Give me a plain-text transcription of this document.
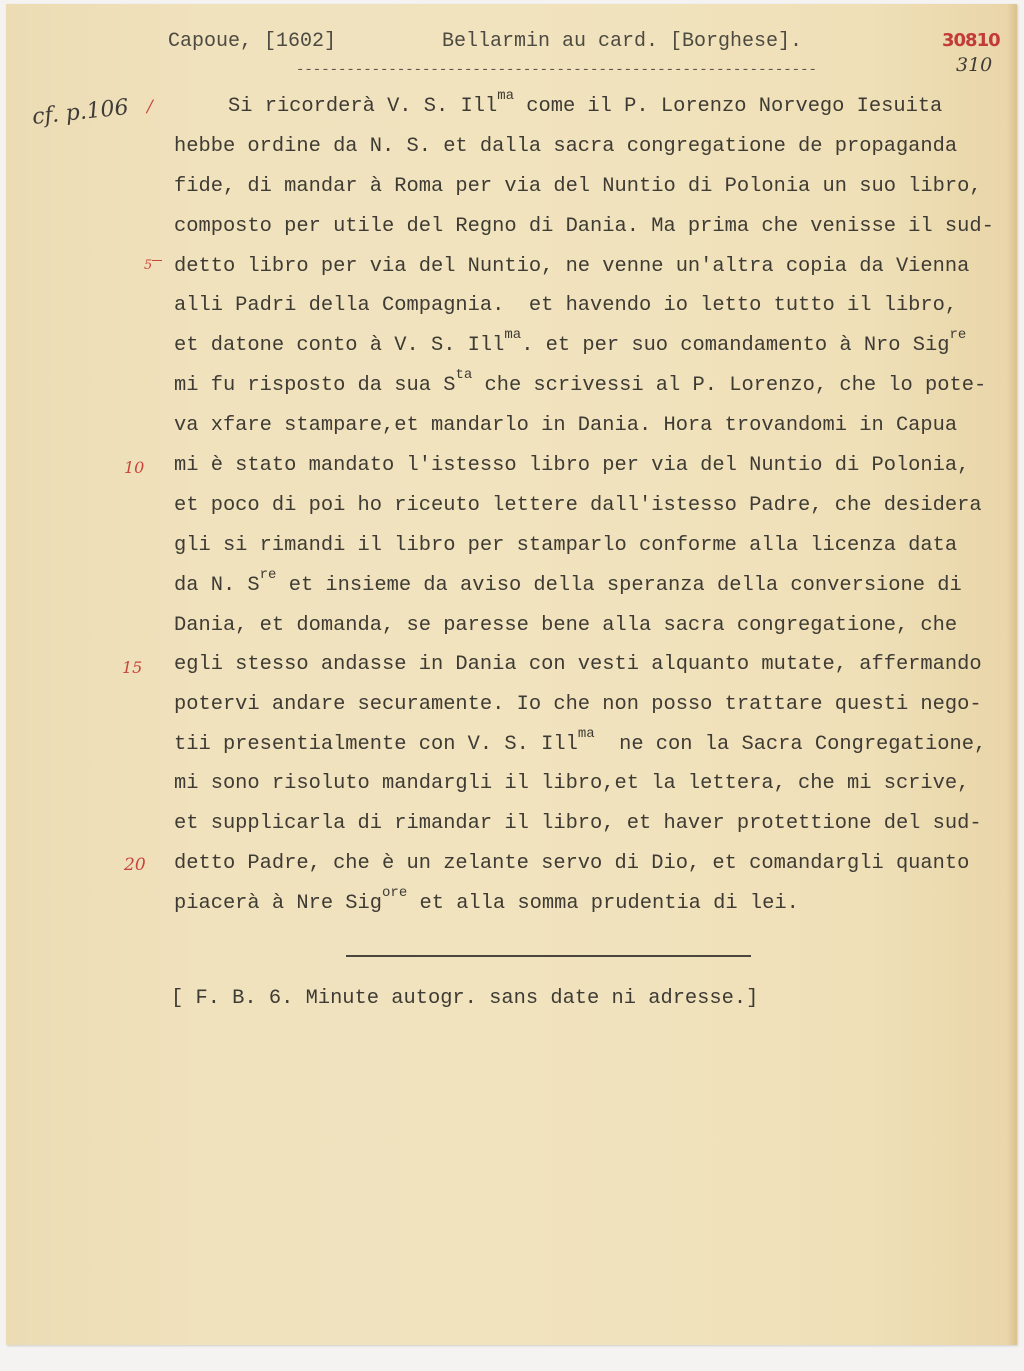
Capoue, [1602]	Bellarmin au card. [Borghese].
--------------------------------------------------------------
30810
310
cf. p.106 /
5
10
15
20
Si ricorderà V. S. Ill$^{ma}$ come il P. Lorenzo Norvego Iesuita
hebbe ordine da N. S. et dalla sacra congregatione de propaganda
fide, di mandar à Roma per via del Nuntio di Polonia un suo libro,
composto per utile del Regno di Dania. Ma prima che venisse il sud-
detto libro per via del Nuntio, ne venne un'altra copia da Vienna
alli Padri della Compagnia.  et havendo io letto tutto il libro,
et datone conto à V. S. Ill$^{ma}$. et per suo comandamento à Nro Sig$^{re}$
mi fu risposto da sua $S^{ta}$ che scrivessi al P. Lorenzo, che lo pote-
va xfare stampare,et mandarlo in Dania. Hora trovandomi in Capua
mi è stato mandato l'istesso libro per via del Nuntio di Polonia,
et poco di poi ho riceuto lettere dall'istesso Padre, che desidera
gli si rimandi il libro per stamparlo conforme alla licenza data
da N. $S^{re}$ et insieme da aviso della speranza della conversione di
Dania, et domanda, se paresse bene alla sacra congregatione, che
egli stesso andasse in Dania con vesti alquanto mutate, affermando
potervi andare securamente. Io che non posso trattare questi nego-
tii presentialmente con V. S. Ill$^{ma}$  ne con la Sacra Congregatione,
mi sono risoluto mandargli il libro,et la lettera, che mi scrive,
et supplicarla di rimandar il libro, et haver protettione del sud-
detto Padre, che è un zelante servo di Dio, et comandargli quanto
piacerà à Nre Sig$^{ore}$ et alla somma prudentia di lei.
[ F. B. 6. Minute autogr. sans date ni adresse.]
